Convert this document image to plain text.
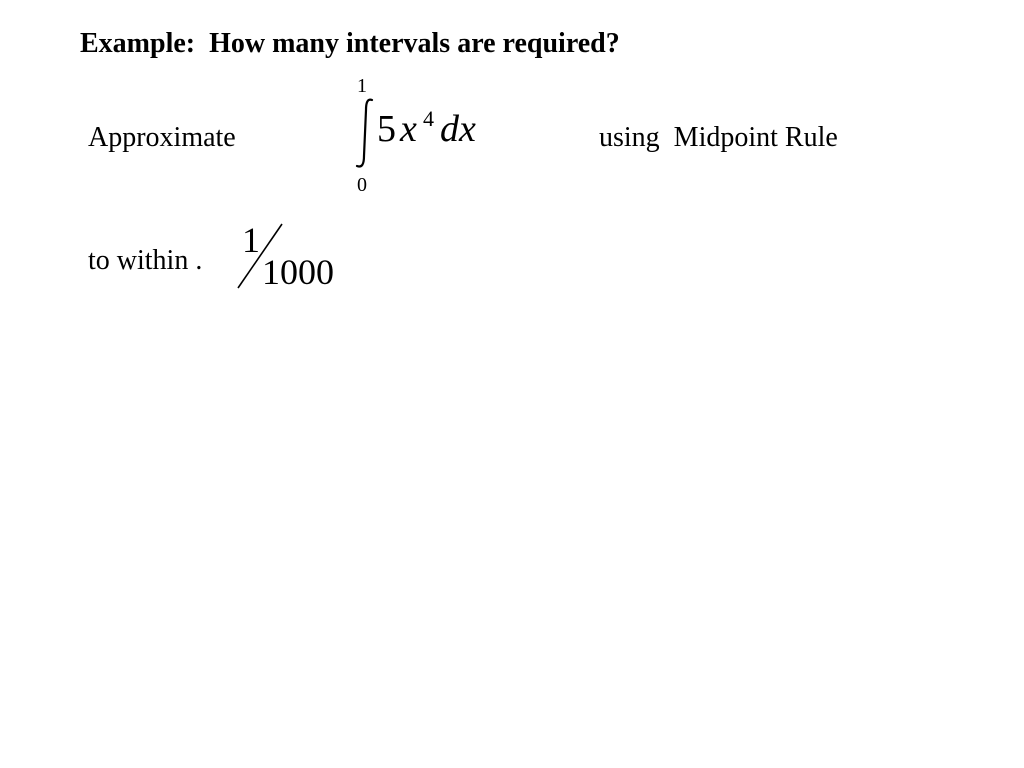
Example:  How many intervals are required?
Approximate
1
5 x 4 dx
0
using  Midpoint Rule
to within .
1
1000
